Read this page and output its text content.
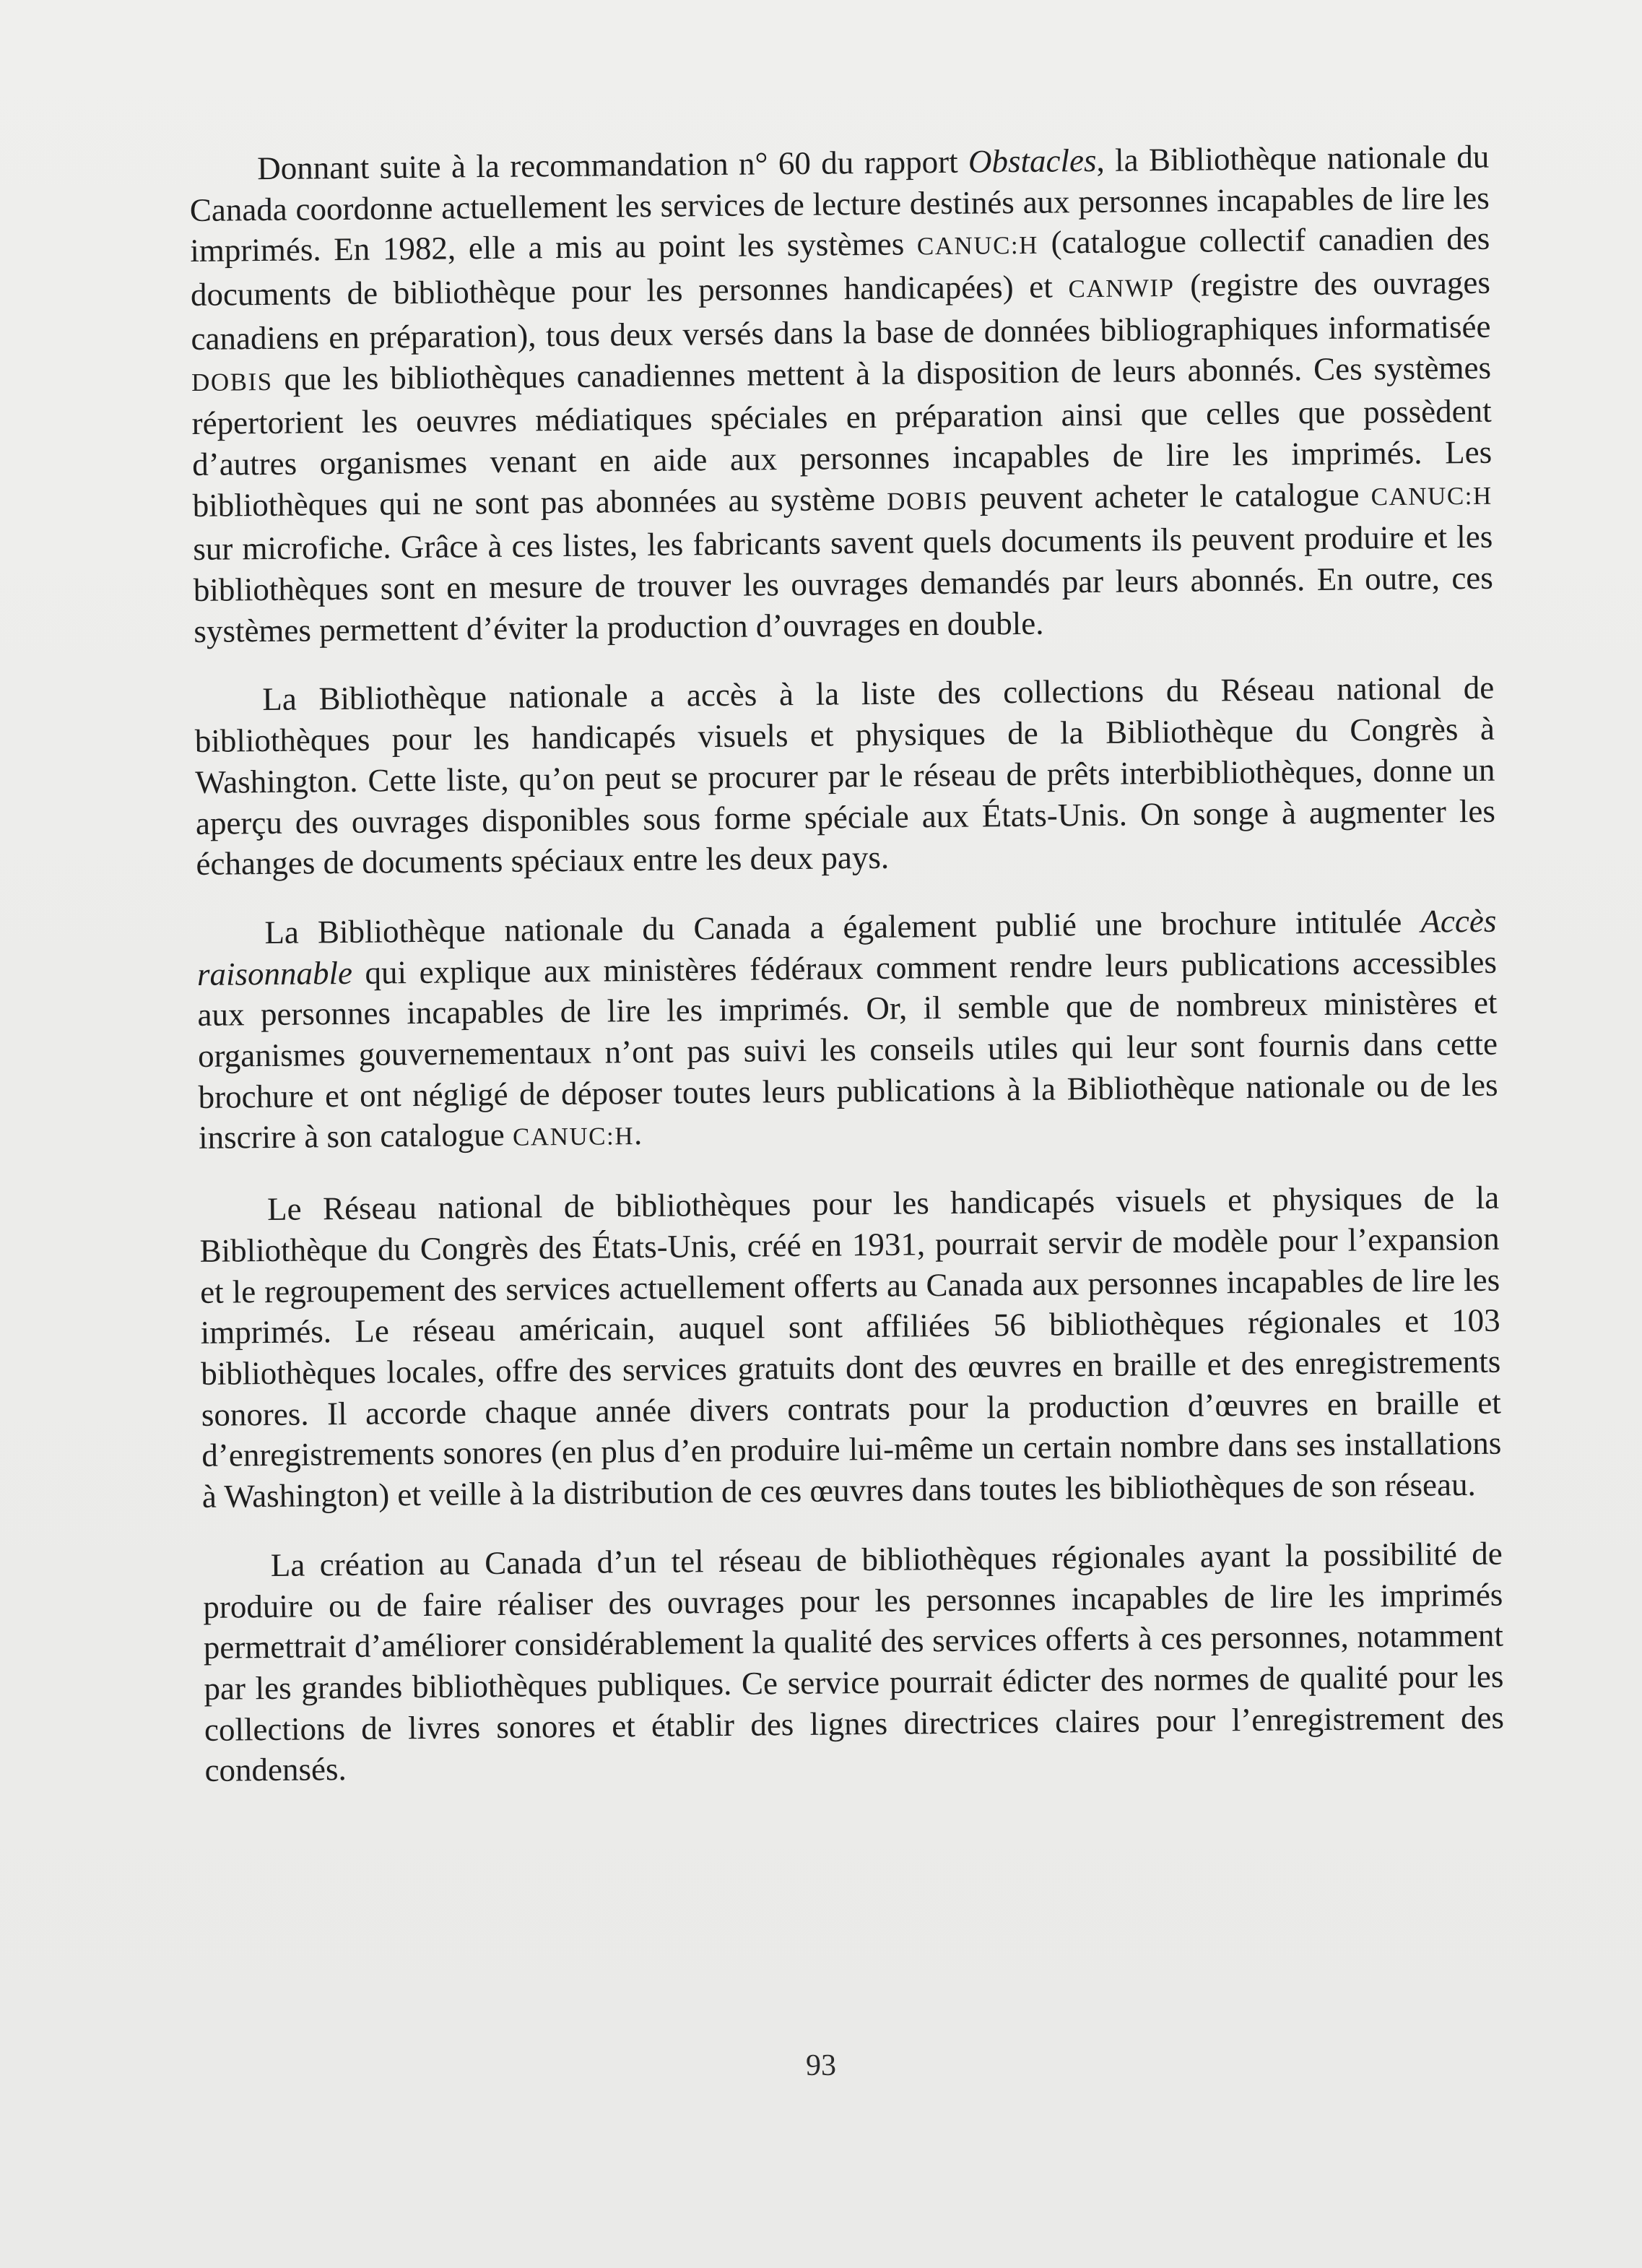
Donnant suite à la recommandation n° 60 du rapport Obstacles, la Bibliothèque nationale du Canada coordonne actuellement les services de lecture destinés aux personnes incapables de lire les imprimés. En 1982, elle a mis au point les systèmes CANUC:H (catalogue collectif canadien des documents de bibliothèque pour les personnes handicapées) et CANWIP (registre des ouvrages canadiens en préparation), tous deux versés dans la base de données bibliographiques informatisée DOBIS que les bibliothèques canadiennes mettent à la disposition de leurs abonnés. Ces systèmes répertorient les oeuvres médiatiques spéciales en préparation ainsi que celles que possèdent d’autres organismes venant en aide aux personnes incapables de lire les imprimés. Les bibliothèques qui ne sont pas abonnées au système DOBIS peuvent acheter le catalogue CANUC:H sur microfiche. Grâce à ces listes, les fabricants savent quels documents ils peuvent produire et les bibliothèques sont en mesure de trouver les ouvrages demandés par leurs abonnés. En outre, ces systèmes permettent d’éviter la production d’ouvrages en double.

La Bibliothèque nationale a accès à la liste des collections du Réseau national de bibliothèques pour les handicapés visuels et physiques de la Bibliothèque du Congrès à Washington. Cette liste, qu’on peut se procurer par le réseau de prêts interbibliothèques, donne un aperçu des ouvrages disponibles sous forme spéciale aux États-Unis. On songe à augmenter les échanges de documents spéciaux entre les deux pays.

La Bibliothèque nationale du Canada a également publié une brochure intitulée Accès raisonnable qui explique aux ministères fédéraux comment rendre leurs publications accessibles aux personnes incapables de lire les imprimés. Or, il semble que de nombreux ministères et organismes gouvernementaux n’ont pas suivi les conseils utiles qui leur sont fournis dans cette brochure et ont négligé de déposer toutes leurs publications à la Bibliothèque nationale ou de les inscrire à son catalogue CANUC:H.

Le Réseau national de bibliothèques pour les handicapés visuels et physiques de la Bibliothèque du Congrès des États-Unis, créé en 1931, pourrait servir de modèle pour l’expansion et le regroupement des services actuellement offerts au Canada aux personnes incapables de lire les imprimés. Le réseau américain, auquel sont affiliées 56 bibliothèques régionales et 103 bibliothèques locales, offre des services gratuits dont des œuvres en braille et des enregistrements sonores. Il accorde chaque année divers contrats pour la production d’œuvres en braille et d’enregistrements sonores (en plus d’en produire lui-même un certain nombre dans ses installations à Washington) et veille à la distribution de ces œuvres dans toutes les bibliothèques de son réseau.

La création au Canada d’un tel réseau de bibliothèques régionales ayant la possibilité de produire ou de faire réaliser des ouvrages pour les personnes incapables de lire les imprimés permettrait d’améliorer considérablement la qualité des services offerts à ces personnes, notamment par les grandes bibliothèques publiques. Ce service pourrait édicter des normes de qualité pour les collections de livres sonores et établir des lignes directrices claires pour l’enregistrement des condensés.

93
